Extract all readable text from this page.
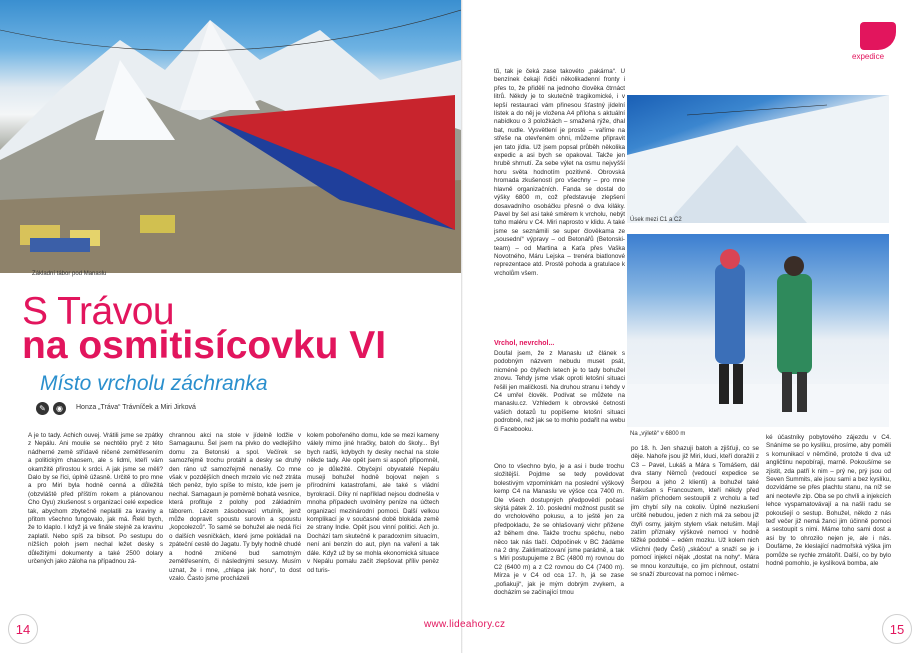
Základní tábor pod Manaslu
expedice
Úsek mezi C1 a C2
Na „výletě“ v 6800 m
S Trávou
na osmitisícovku VI
Místo vrcholu záchranka
✎	◉	Honza „Tráva“ Trávníček a Miri Jirková

A je to tady. Achich ouvej. Vrátili jsme se zpátky z Nepálu. Ani moulie se nechtělo pryč z této nádherné země střídavě ničené zemětřesením a politickým chaosem, ale s lidmi, kteří vám okamžitě přirostou k srdci. A jak jsme se měli? Dalo by se říci, úplně úžasně. Určitě to pro mne a pro Miri byla hodně cenná a důležitá (obzvláště před příštím rokem a plánovanou Cho Oyu) zkušenost s organizací celé expedice tak, abychom zbytečně neplatili za kraviny a přitom všechno fungovalo, jak má. Řekl bych, že to klaplo. I když já ve finále stejně za kravinu zaplatil. Nebo spíš za bibsot. Po sestupu do nížších poloh jsem nechal ležet desky s důležitými dokumenty a také 2500 dolary určených jako záloha na případnou zá-

chrannou akci na stole v jídelně lodžie v Samagaunu. Šel jsem na pivko do vedlejšího domu za Betonski a spol. Večírek se samozřejmě trochu protáhl a desky se druhý den ráno už samozřejmě nenašly. Co mne však v pozdějších dnech mrzelo víc než ztráta těch peněz, bylo spíše to místo, kde jsem je nechal. Samagaun je poměrně bohatá vesnice, která profituje z polohy pod základním táborem. Lézem zásobovací vrtulník, jenž může dopravit spoustu surovin a spoustu „kopcolezců“. To samé se bohužel ale nedá říci o dalších vesničkách, které jsme pokládali na zpáteční cestě do Jagatu. Ty byly hodně chudé a hodně zničené bud samotným zemětřesením, či následnými sesuvy. Musím uznat, že i mne, „chlapa jak horu“, to dost vzalo. Často jsme procházeli

kolem pobořeného domu, kde se mezi kameny válely mimo jiné hračky, batoh do školy... Byl bych radši, kdybych ty desky nechal na stole někde tady. Ale opět jsem si aspoň připomněl, co je důležité. Obyčejní obyvatelé Nepálu museji bohužel hodně bojovat nejen s přírodními katastrofami, ale také s vládní byrokracií. Díky ní například nejsou dodnešla v mnoha případech uvolněny peníze na účtech organizací mezinárodní pomoci. Další velkou komplikací je v současné době blokáda země ze strany Indie. Opět jsou vinní politici. Ach jo. Dochází tam skutečně k paradoxním situacím, není ani benzín do aut, plyn na vaření a tak dále. Když už by se mohla ekonomická situace v Nepálu pomalu začít zlepšovat příliv peněz od turis-

tů, tak je čeká zase takovéto „pakárna“. U benzínek čekají řidiči několikadenní fronty i přes to, že přidělí na jednoho člověka čtrnáct litrů. Někdy je to skutečně tragikomické, i v lepší restauraci vám přinesou šťastný jídelní lístek a do něj je vložena A4 příloha s aktuální nabídkou o 3 položkách – smažená rýže, dhal bat, nudle. Vysvětlení je prosté – vaříme na střeše na otevřeném ohni, můžeme připravit jen tato jídla. Už jsem popsal průběh několika expedic a asi bych se opakoval. Takže jen hrubě shrnutí. Za sebe výlet na osmu nejvyšší horu světa hodnotím pozitivně. Obrovská hromada zkušeností pro všechny – pro mne hlavně organizačních. Fanda se dostal do výšky 6800 m, což představuje zlepšení dosavadního osobáčku přesně o dva kiláky. Pavel by šel asi také směrem k vrcholu, nebýt toho maléru v C4. Miri naprosto v klidu. A také jsme se seznámili se super člověkama ze „sousední“ výpravy – od Betonářů (Betonski-team) – od Martina a Kaťa přes Vaška Novotného, Máru Lejska – trenéra biatlonové reprezentace atd. Prostě pohoda a gratulace k vrcholům všem.

Vrchol, nevrchol...

Doufal jsem, že z Manaslu už článek s podobným názvem nebudu muset psát, nicméně po čtyřech letech je to tady bohužel znovu. Tehdy jsme však oproti letošní situaci řešili jen maličkosti. Na druhou stranu i tehdy v C4 umřel člověk. Podívat se můžete na manaslu.cz. Vzhledem k obrovské četnosti vašich dotazů tu popíšeme letošní situaci podrobně, než jak se to mohlo podařit na webu či Facebooku.

Ono to všechno bylo, je a asi i bude trochu složitější. Pojdme se tedy povědovat bolestivým vzpomínkám na poslední výškový kemp C4 na Manaslu ve výšce cca 7400 m. Dle všech dostupných předpovědí počasí skýtá pátek 2. 10. poslední možnost pustit se do vrcholového pokusu, a to ještě jen za předpokladu, že se ohlašovaný vichr přižene až během dne. Takže trochu spěchu, nebo něco tak nás tlačí. Odpočinek v BC žádáme na 2 dny. Zaklimatizovaní jsme parádně, a tak s Miri postupujeme z BC (4800 m) rovnou do C2 (6400 m) a z C2 rovnou do C4 (7400 m). Mírza je v C4 od cca 17. h, já se zase „pofiakuji“, jak je mým dobrým zvykem, a docházím se začínající tmou

po 18. h. Jen shazuji batoh a zjišťuji, co se děje. Nahoře jsou již Miri, kluci, kteří doražili z C3 – Pavel, Lukáš a Mára s Tomášem, dál dva stany Němců (vedoucí expedice se Šerpou a jeho 2 klienti) a bohužel také Rakušan s Francouzem, kteří někdy před naším příchodem sestoupili z vrcholu a teď jim chybí síly na cokoliv. Úplně nezkušení určitě nebudou, jeden z nich má za sebou již čtyři osmy, jakým stylem však netušim. Mají zatím příznaky výškové nemoci v hodně těžké podobě – edém mozku. Už kolem nich všichni (tedy Češi) „skáčou“ a snaží se je i pomocí injekcí nějak „dostat na nohy“. Mára se mnou konzultuje, co jim píchnout, ostatní se snaží zburcovat na pomoc i němec-

ké účastníky pobytového zájezdu v C4. Snáníme se po kyslíku, prosíme, aby poměli s komunikací v němčině, protože ti dva už angličtinu nepobíraji, marně. Pokoušíme se zjistit, zda patří k nim – prý ne, prý jsou od Seven Summits, ale jsou sami a bez kyslíku, dozvídáme se přes plachtu stanu, na níž se ani neotevře zip. Oba se po chvíli a injekcích lehce vyspamatovávají a na našli radu se pokoušejí o sestup. Bohužel, někdo z nás teď večer již nemá žanci jim účinně pomoci a sestoupit s nimi. Máme toho sami dost a asi by to ohrozilo nejen je, ale i nás. Doufáme, že kleslající nadmořská výška jim pomůže se rychle zmátořit. Další, co by bylo hodně pomohlo, je kyslíková bomba, ale

14	15
www.lideahory.cz
